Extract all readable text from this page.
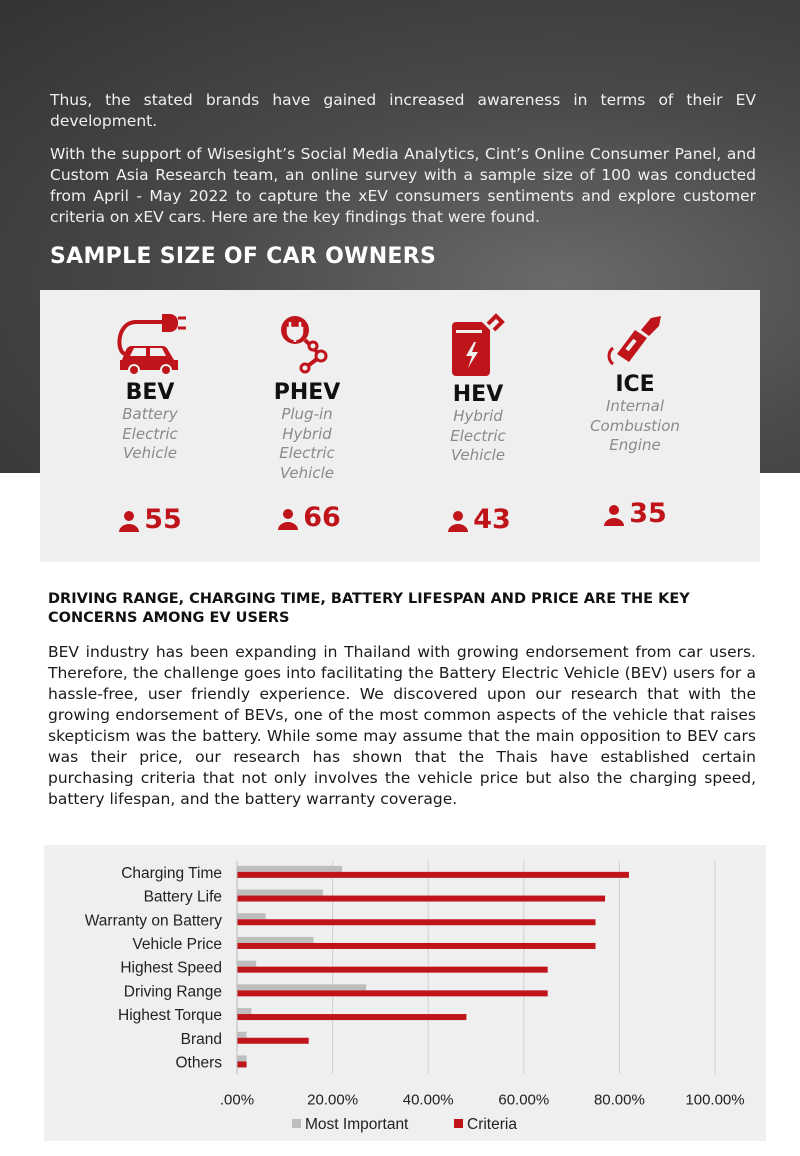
Thus, the stated brands have gained increased awareness in terms of their EV development.

With the support of Wisesight’s Social Media Analytics, Cint’s Online Consumer Panel, and Custom Asia Research team, an online survey with a sample size of 100 was conducted from April - May 2022 to capture the xEV consumers sentiments and explore customer criteria on xEV cars. Here are the key findings that were found.

SAMPLE SIZE OF CAR OWNERS
BEV
Battery
Electric
Vehicle
55
PHEV
Plug-in
Hybrid
Electric
Vehicle
66
HEV
Hybrid
Electric
Vehicle
43
ICE
Internal
Combustion
Engine
35
DRIVING RANGE, CHARGING TIME, BATTERY LIFESPAN AND PRICE ARE THE KEY
CONCERNS AMONG EV USERS

BEV industry has been expanding in Thailand with growing endorsement from car users. Therefore, the challenge goes into facilitating the Battery Electric Vehicle (BEV) users for a hassle-free, user friendly experience. We discovered upon our research that with the growing endorsement of BEVs, one of the most common aspects of the vehicle that raises skepticism was the battery. While some may assume that the main opposition to BEV cars was their price, our research has shown that the Thais have established certain purchasing criteria that not only involves the vehicle price but also the charging speed, battery lifespan, and the battery warranty coverage.

.00%	20.00%	40.00%	60.00%	80.00%	100.00%
Charging Time
Battery Life
Warranty on Battery
Vehicle Price
Highest Speed
Driving Range
Highest Torque
Brand
Others
Most Important	Criteria
